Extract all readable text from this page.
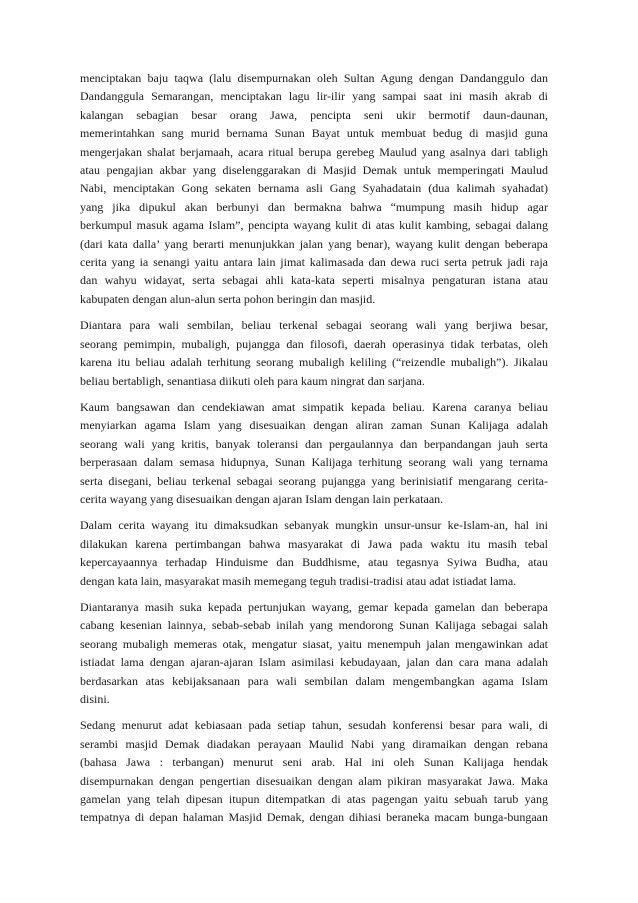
menciptakan baju taqwa (lalu disempurnakan oleh Sultan Agung dengan Dandanggulo dan
Dandanggula Semarangan, menciptakan lagu lir-ilir yang sampai saat ini masih akrab di
kalangan sebagian besar orang Jawa, pencipta seni ukir bermotif daun-daunan,
memerintahkan sang murid bernama Sunan Bayat untuk membuat bedug di masjid guna
mengerjakan shalat berjamaah, acara ritual berupa gerebeg Maulud yang asalnya dari tabligh
atau pengajian akbar yang diselenggarakan di Masjid Demak untuk memperingati Maulud
Nabi, menciptakan Gong sekaten bernama asli Gang Syahadatain (dua kalimah syahadat)
yang jika dipukul akan berbunyi dan bermakna bahwa “mumpung masih hidup agar
berkumpul masuk agama Islam”, pencipta wayang kulit di atas kulit kambing, sebagai dalang
(dari kata dalla’ yang berarti menunjukkan jalan yang benar), wayang kulit dengan beberapa
cerita yang ia senangi yaitu antara lain jimat kalimasada dan dewa ruci serta petruk jadi raja
dan wahyu widayat, serta sebagai ahli kata-kata seperti misalnya pengaturan istana atau
kabupaten dengan alun-alun serta pohon beringin dan masjid.
Diantara para wali sembilan, beliau terkenal sebagai seorang wali yang berjiwa besar,
seorang pemimpin, mubaligh, pujangga dan filosofi, daerah operasinya tidak terbatas, oleh
karena itu beliau adalah terhitung seorang mubaligh keliling (“reizendle mubaligh”). Jikalau
beliau bertabligh, senantiasa diikuti oleh para kaum ningrat dan sarjana.
Kaum bangsawan dan cendekiawan amat simpatik kepada beliau. Karena caranya beliau
menyiarkan agama Islam yang disesuaikan dengan aliran zaman Sunan Kalijaga adalah
seorang wali yang kritis, banyak toleransi dan pergaulannya dan berpandangan jauh serta
berperasaan dalam semasa hidupnya, Sunan Kalijaga terhitung seorang wali yang ternama
serta disegani, beliau terkenal sebagai seorang pujangga yang berinisiatif mengarang cerita-
cerita wayang yang disesuaikan dengan ajaran Islam dengan lain perkataan.
Dalam cerita wayang itu dimaksudkan sebanyak mungkin unsur-unsur ke-Islam-an, hal ini
dilakukan karena pertimbangan bahwa masyarakat di Jawa pada waktu itu masih tebal
kepercayaannya terhadap Hinduisme dan Buddhisme, atau tegasnya Syiwa Budha, atau
dengan kata lain, masyarakat masih memegang teguh tradisi-tradisi atau adat istiadat lama.
Diantaranya masih suka kepada pertunjukan wayang, gemar kepada gamelan dan beberapa
cabang kesenian lainnya, sebab-sebab inilah yang mendorong Sunan Kalijaga sebagai salah
seorang mubaligh memeras otak, mengatur siasat, yaitu menempuh jalan mengawinkan adat
istiadat lama dengan ajaran-ajaran Islam asimilasi kebudayaan, jalan dan cara mana adalah
berdasarkan atas kebijaksanaan para wali sembilan dalam mengembangkan agama Islam
disini.
Sedang menurut adat kebiasaan pada setiap tahun, sesudah konferensi besar para wali, di
serambi masjid Demak diadakan perayaan Maulid Nabi yang diramaikan dengan rebana
(bahasa Jawa : terbangan) menurut seni arab. Hal ini oleh Sunan Kalijaga hendak
disempurnakan dengan pengertian disesuaikan dengan alam pikiran masyarakat Jawa. Maka
gamelan yang telah dipesan itupun ditempatkan di atas pagengan yaitu sebuah tarub yang
tempatnya di depan halaman Masjid Demak, dengan dihiasi beraneka macam bunga-bungaan
